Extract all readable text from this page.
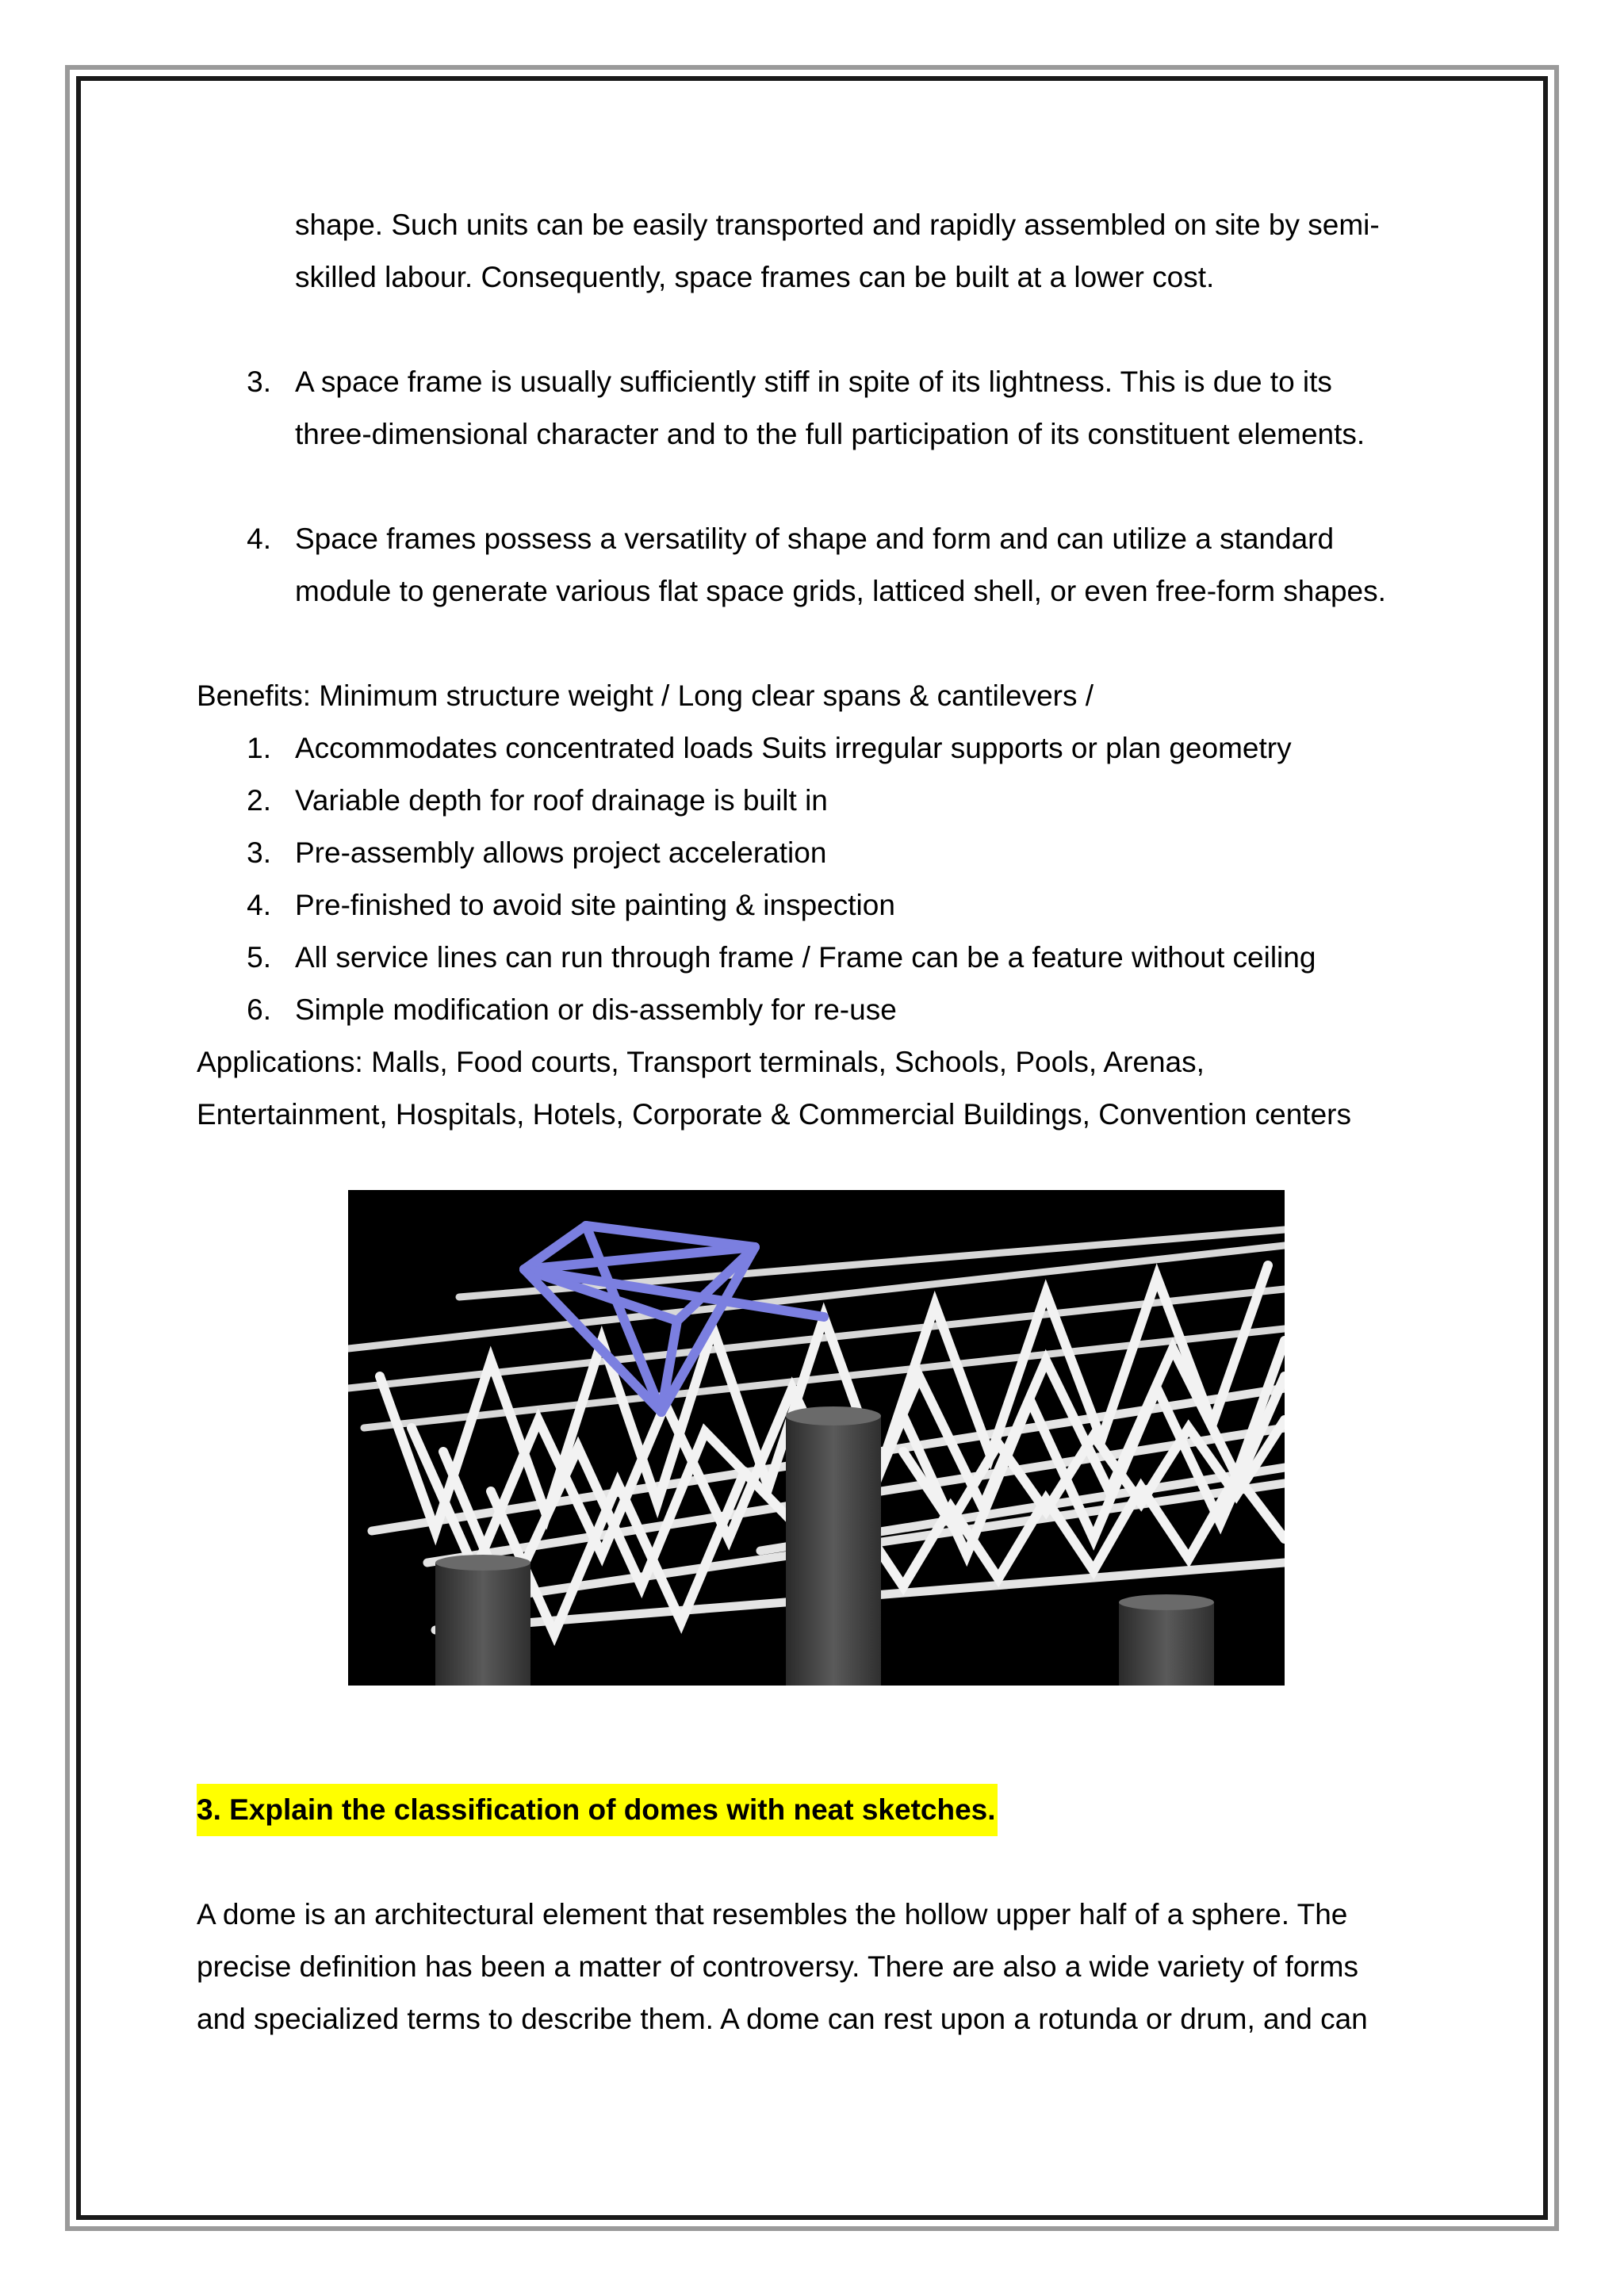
shape. Such units can be easily transported and rapidly assembled on site by semi-
skilled labour. Consequently, space frames can be built at a lower cost.
3. A space frame is usually sufficiently stiff in spite of its lightness. This is due to its
three-dimensional character and to the full participation of its constituent elements.
4. Space frames possess a versatility of shape and form and can utilize a standard
module to generate various flat space grids, latticed shell, or even free-form shapes.
Benefits: Minimum structure weight / Long clear spans & cantilevers /
1. Accommodates concentrated loads Suits irregular supports or plan geometry
2. Variable depth for roof drainage is built in
3. Pre-assembly allows project acceleration
4. Pre-finished to avoid site painting & inspection
5. All service lines can run through frame / Frame can be a feature without ceiling
6. Simple modification or dis-assembly for re-use
Applications: Malls, Food courts, Transport terminals, Schools, Pools, Arenas,
Entertainment, Hospitals, Hotels, Corporate & Commercial Buildings, Convention centers
3. Explain the classification of domes with neat sketches.
A dome is an architectural element that resembles the hollow upper half of a sphere. The
precise definition has been a matter of controversy. There are also a wide variety of forms
and specialized terms to describe them. A dome can rest upon a rotunda or drum, and can
